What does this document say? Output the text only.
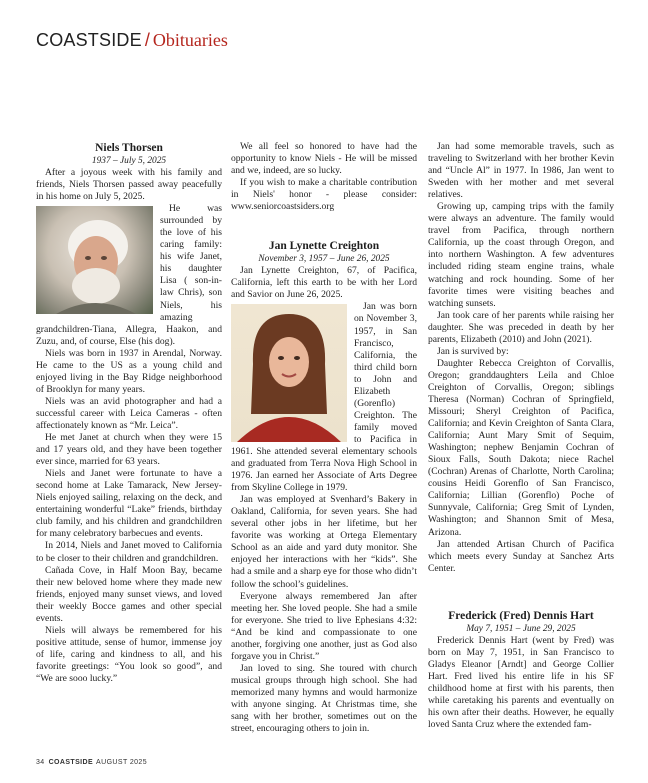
COASTSIDE / Obituaries
Niels Thorsen
1937 – July 5, 2025

After a joyous week with his family and friends, Niels Thorsen passed away peacefully in his home on July 5, 2025.

He was surrounded by the love of his caring family: his wife Janet, his daughter Lisa ( son-in-law Chris), son Niels, his amazing grandchildren-Tiana, Allegra, Haakon, and Zuzu, and, of course, Else (his dog).

Niels was born in 1937 in Arendal, Norway. He came to the US as a young child and enjoyed living in the Bay Ridge neighborhood of Brooklyn for many years.

Niels was an avid photographer and had a successful career with Leica Cameras - often affectionately known as “Mr. Leica”.

He met Janet at church when they were 15 and 17 years old, and they have been together ever since, married for 63 years.

Niels and Janet were fortunate to have a second home at Lake Tamarack, New Jersey- Niels enjoyed sailing, relaxing on the deck, and entertaining wonderful “Lake” friends, birthday club family, and his children and grandchildren for many celebratory barbecues and events.

In 2014, Niels and Janet moved to California to be closer to their children and grandchildren.

Cañada Cove, in Half Moon Bay, became their new beloved home where they made new friends, enjoyed many sunset views, and loved their weekly Bocce games and other special events.

Niels will always be remembered for his positive attitude, sense of humor, immense joy of life, caring and kindness to all, and his favorite greetings: “You look so good”, and “We are sooo lucky.”

We all feel so honored to have had the opportunity to know Niels - He will be missed and we, indeed, are so lucky.

If you wish to make a charitable contribution in Niels' honor - please consider: www.seniorcoastsiders.org

Jan Lynette Creighton
November 3, 1957 – June 26, 2025

Jan Lynette Creighton, 67, of Pacifica, California, left this earth to be with her Lord and Savior on June 26, 2025.

Jan was born on November 3, 1957, in San Francisco, California, the third child born to John and Elizabeth (Gorenflo) Creighton. The family moved to Pacifica in 1961. She attended several elementary schools and graduated from Terra Nova High School in 1976. Jan earned her Associate of Arts Degree from Skyline College in 1979.

Jan was employed at Svenhard’s Bakery in Oakland, California, for seven years. She had several other jobs in her lifetime, but her favorite was working at Ortega Elementary School as an aide and yard duty monitor. She enjoyed her interactions with her “kids”. She had a smile and a sharp eye for those who didn’t follow the school’s guidelines.

Everyone always remembered Jan after meeting her. She loved people. She had a smile for everyone. She tried to live Ephesians 4:32: “And be kind and compassionate to one another, forgiving one another, just as God also forgave you in Christ.”

Jan loved to sing. She toured with church musical groups through high school. She had memorized many hymns and would harmonize with anyone singing. At Christmas time, she sang with her brother, sometimes out on the street, encouraging others to join in.

Jan had some memorable travels, such as traveling to Switzerland with her brother Kevin and “Uncle Al” in 1977. In 1986, Jan went to Sweden with her mother and met several relatives.

Growing up, camping trips with the family were always an adventure. The family would travel from Pacifica, through northern California, up the coast through Oregon, and into northern Washington. A few adventures included riding steam engine trains, whale watching and rock hounding. Some of her favorite times were visiting beaches and watching sunsets.

Jan took care of her parents while raising her daughter. She was preceded in death by her parents, Elizabeth (2010) and John (2021).

Jan is survived by:

Daughter Rebecca Creighton of Corvallis, Oregon; granddaughters Leila and Chloe Creighton of Corvallis, Oregon; siblings Theresa (Norman) Cochran of Springfield, Missouri; Sheryl Creighton of Pacifica, California; and Kevin Creighton of Santa Clara, California; Aunt Mary Smit of Sequim, Washington; nephew Benjamin Cochran of Sioux Falls, South Dakota; niece Rachel (Cochran) Arenas of Charlotte, North Carolina; cousins Heidi Gorenflo of San Francisco, California; Lillian (Gorenflo) Poche of Sunnyvale, California; Greg Smit of Lynden, Washington; and Shannon Smit of Mesa, Arizona.

Jan attended Artisan Church of Pacifica which meets every Sunday at Sanchez Arts Center.

Frederick (Fred) Dennis Hart
May 7, 1951 – June 29, 2025

Frederick Dennis Hart (went by Fred) was born on May 7, 1951, in San Francisco to Gladys Eleanor [Arndt] and George Collier Hart. Fred lived his entire life in his SF childhood home at first with his parents, then while caretaking his parents and eventually on his own after their deaths. However, he equally loved Santa Cruz where the extended fam-

34 COASTSIDE AUGUST 2025
